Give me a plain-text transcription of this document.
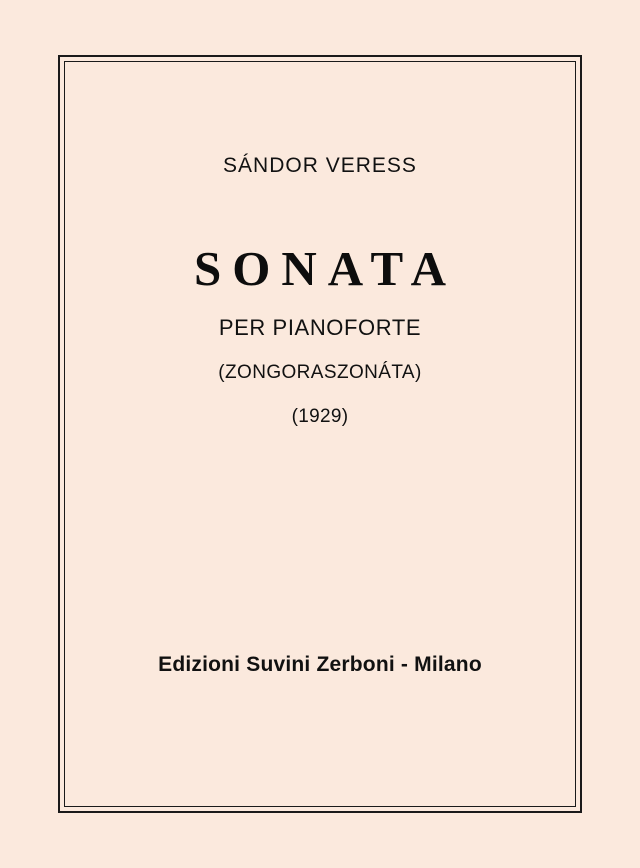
SÁNDOR VERESS
SONATA
PER PIANOFORTE
(ZONGORASZONÁTA)
(1929)
Edizioni Suvini Zerboni - Milano
